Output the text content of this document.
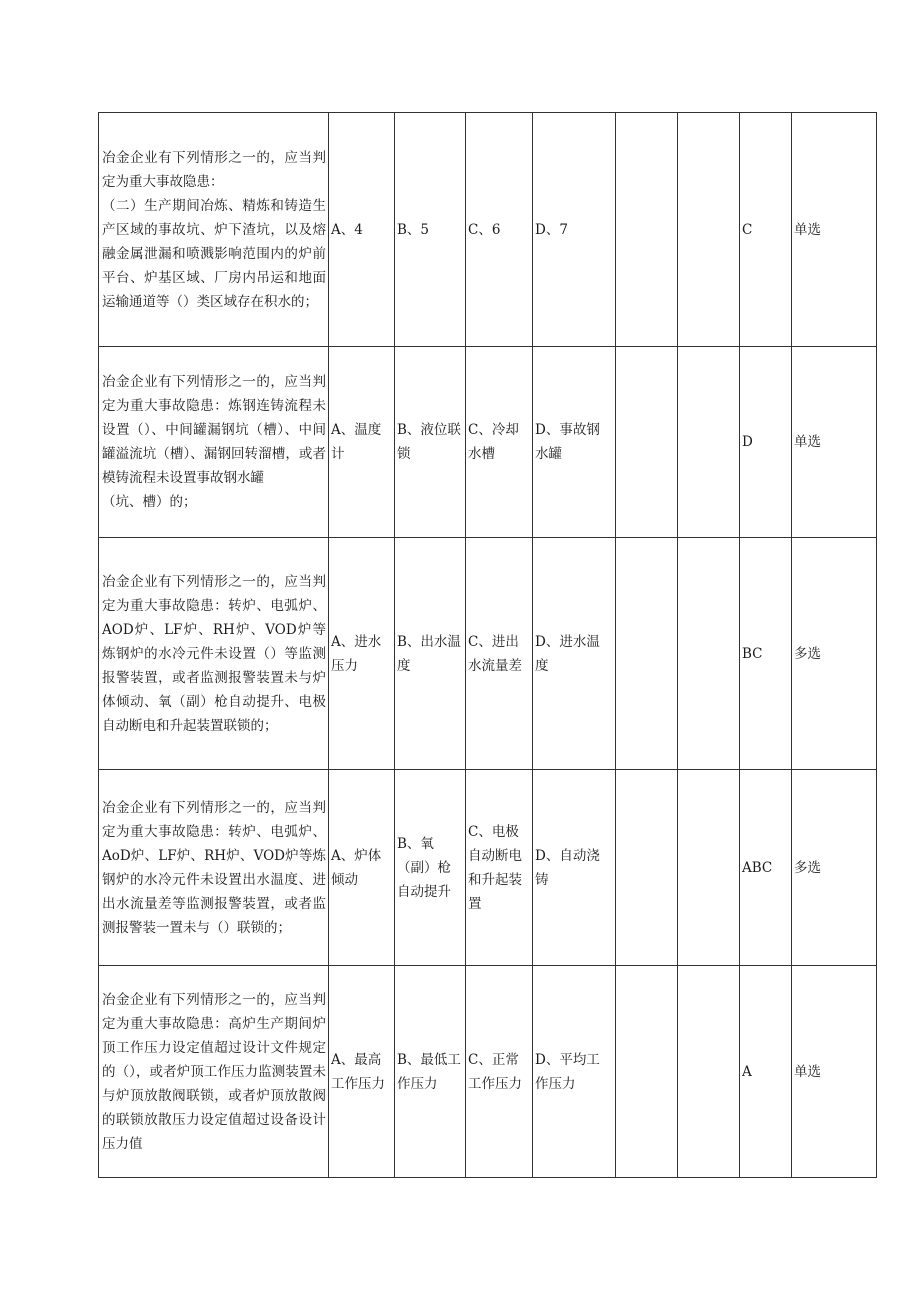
冶金企业有下列情形之一的，应当判定为重大事故隐患：
（二）生产期间冶炼、精炼和铸造生产区域的事故坑、炉下渣坑，以及熔融金属泄漏和喷溅影响范围内的炉前平台、炉基区域、厂房内吊运和地面运输通道等（）类区域存在积水的；	A、4	B、5	C、6	D、7			C	单选

冶金企业有下列情形之一的，应当判定为重大事故隐患：炼钢连铸流程未设置（）、中间罐漏钢坑（槽）、中间罐溢流坑（槽）、漏钢回转溜槽，或者模铸流程未设置事故钢水罐
（坑、槽）的；	A、温度计	B、液位联锁	C、冷却水槽	D、事故钢水罐			D	单选

冶金企业有下列情形之一的，应当判定为重大事故隐患：转炉、电弧炉、AOD炉、LF炉、RH炉、VOD炉等炼钢炉的水冷元件未设置（）等监测报警装置，或者监测报警装置未与炉体倾动、氧（副）枪自动提升、电极自动断电和升起装置联锁的；	A、进水压力	B、出水温度	C、进出水流量差	D、进水温度			BC	多选

冶金企业有下列情形之一的，应当判定为重大事故隐患：转炉、电弧炉、AoD炉、LF炉、RH炉、VOD炉等炼钢炉的水冷元件未设置出水温度、进出水流量差等监测报警装置，或者监测报警装一置未与（）联锁的；	A、炉体倾动	B、氧（副）枪自动提升	C、电极自动断电和升起装置	D、自动浇铸			ABC	多选

冶金企业有下列情形之一的，应当判定为重大事故隐患：高炉生产期间炉顶工作压力设定值超过设计文件规定的（），或者炉顶工作压力监测装置未与炉顶放散阀联锁，或者炉顶放散阀的联锁放散压力设定值超过设备设计压力值	A、最高工作压力	B、最低工作压力	C、正常工作压力	D、平均工作压力			A	单选
